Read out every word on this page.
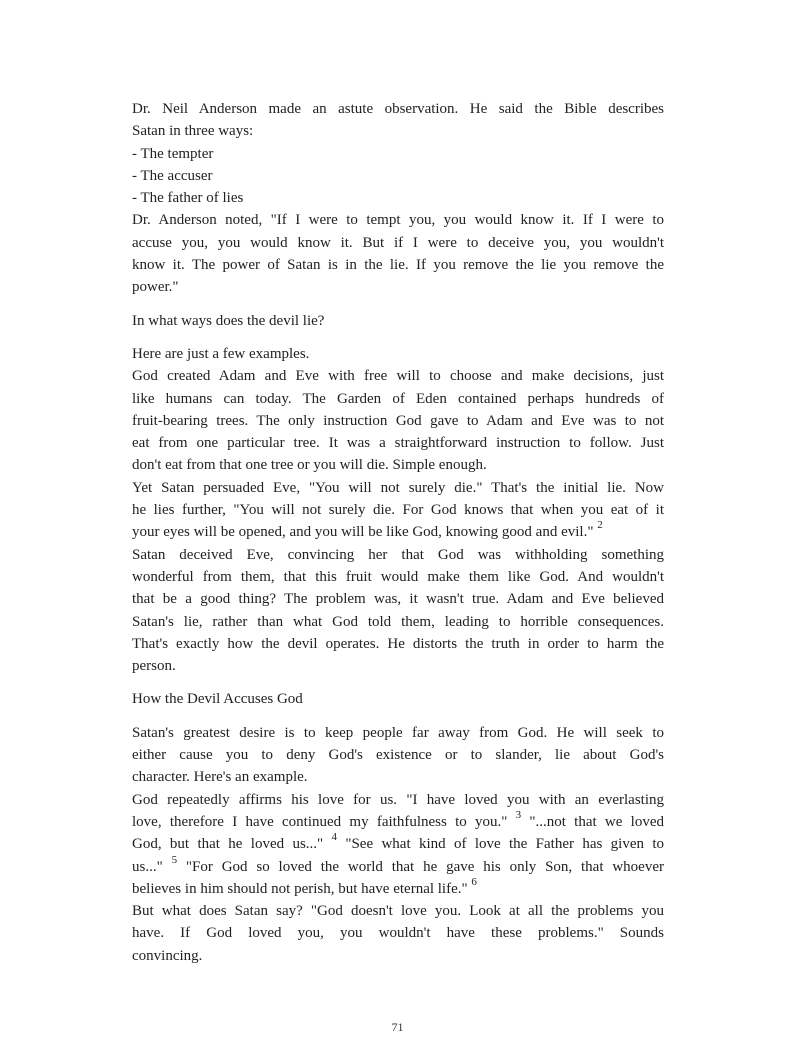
Dr. Neil Anderson made an astute observation. He said the Bible describes
Satan in three ways:
- The tempter
- The accuser
- The father of lies
Dr. Anderson noted, "If I were to tempt you, you would know it. If I were to
accuse you, you would know it. But if I were to deceive you, you wouldn't
know it. The power of Satan is in the lie. If you remove the lie you remove the
power."
In what ways does the devil lie?
Here are just a few examples.
God created Adam and Eve with free will to choose and make decisions, just
like humans can today. The Garden of Eden contained perhaps hundreds of
fruit-bearing trees. The only instruction God gave to Adam and Eve was to not
eat from one particular tree. It was a straightforward instruction to follow. Just
don't eat from that one tree or you will die. Simple enough.
Yet Satan persuaded Eve, "You will not surely die." That's the initial lie. Now
he lies further, "You will not surely die. For God knows that when you eat of it
your eyes will be opened, and you will be like God, knowing good and evil." $^2$
Satan deceived Eve, convincing her that God was withholding something
wonderful from them, that this fruit would make them like God. And wouldn't
that be a good thing? The problem was, it wasn't true. Adam and Eve believed
Satan's lie, rather than what God told them, leading to horrible consequences.
That's exactly how the devil operates. He distorts the truth in order to harm the
person.
How the Devil Accuses God
Satan's greatest desire is to keep people far away from God. He will seek to
either cause you to deny God's existence or to slander, lie about God's
character. Here's an example.
God repeatedly affirms his love for us. "I have loved you with an everlasting
love, therefore I have continued my faithfulness to you." $^3$ "...not that we loved
God, but that he loved us..." $^4$ "See what kind of love the Father has given to
us..." $^5$ "For God so loved the world that he gave his only Son, that whoever
believes in him should not perish, but have eternal life." $^6$
But what does Satan say? "God doesn't love you. Look at all the problems you
have. If God loved you, you wouldn't have these problems." Sounds
convincing.
71
